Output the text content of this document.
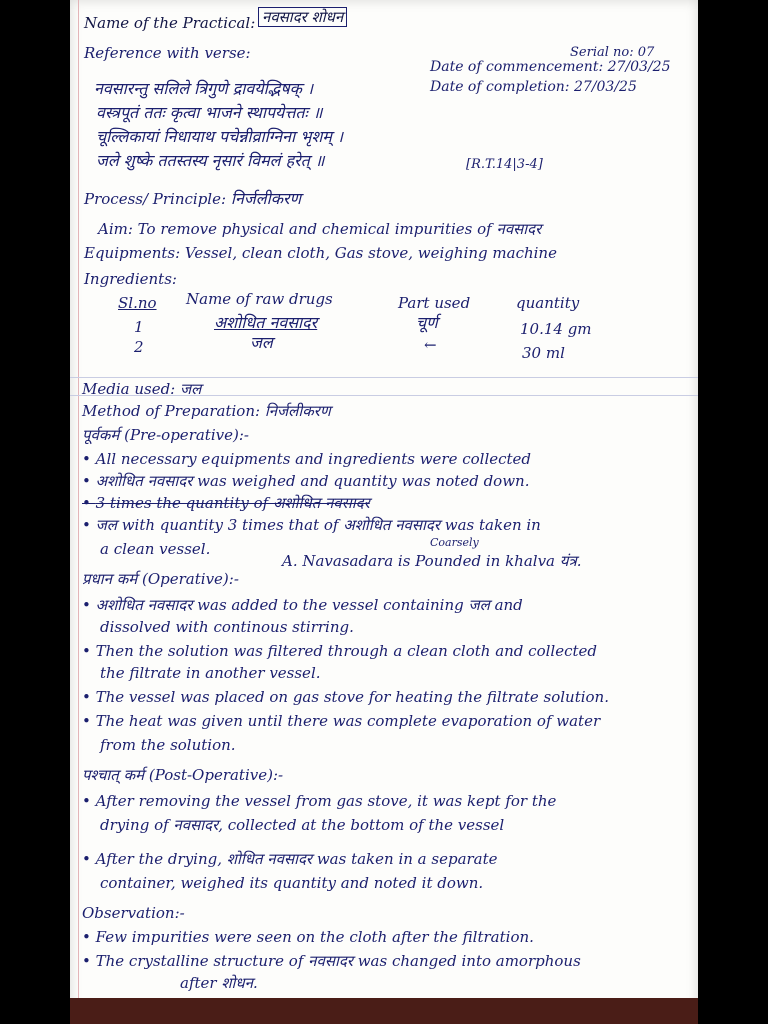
Name of the Practical: नवसादर शोधन
Serial no: 07
Reference with verse:
Date of commencement: 27/03/25
Date of completion: 27/03/25
नवसारन्तु सलिले त्रिगुणे द्रावयेद्भिषक् ।
वस्त्रपूतं ततः कृत्वा भाजने स्थापयेत्ततः ॥
चूल्लिकायां निधायाथ पचेन्नीव्राग्निना भृशम् ।
जले शुष्के ततस्तस्य नृसारं विमलं हरेत् ॥	[R.T.14|3-4]
Process/ Principle: निर्जलीकरण
Aim: To remove physical and chemical impurities of नवसादर
Equipments: Vessel, clean cloth, Gas stove, weighing machine
Ingredients:
Sl.no Name of raw drugs	Part used	quantity
1	अशोधित नवसादर	चूर्ण	10.14 gm
2	जल	←	30 ml
Media used: जल
Method of Preparation: निर्जलीकरण
पूर्वकर्म (Pre-operative):-
• All necessary equipments and ingredients were collected
• अशोधित नवसादर was weighed and quantity was noted down.
• 3 times the quantity of अशोधित नवसादर
• जल with quantity 3 times that of अशोधित नवसादर was taken in
a clean vessel.
प्रधान कर्म (Operative):-
Coarsely
A. Navasadara is Pounded in khalva यंत्र.
• अशोधित नवसादर was added to the vessel containing जल and
dissolved with continous stirring.
• Then the solution was filtered through a clean cloth and collected
the filtrate in another vessel.
• The vessel was placed on gas stove for heating the filtrate solution.
• The heat was given until there was complete evaporation of water
from the solution.
पश्चात् कर्म (Post-Operative):-
• After removing the vessel from gas stove, it was kept for the
drying of नवसादर, collected at the bottom of the vessel
• After the drying, शोधित नवसादर was taken in a separate
container, weighed its quantity and noted it down.
Observation:-
• Few impurities were seen on the cloth after the filtration.
• The crystalline structure of नवसादर was changed into amorphous
after शोधन.
